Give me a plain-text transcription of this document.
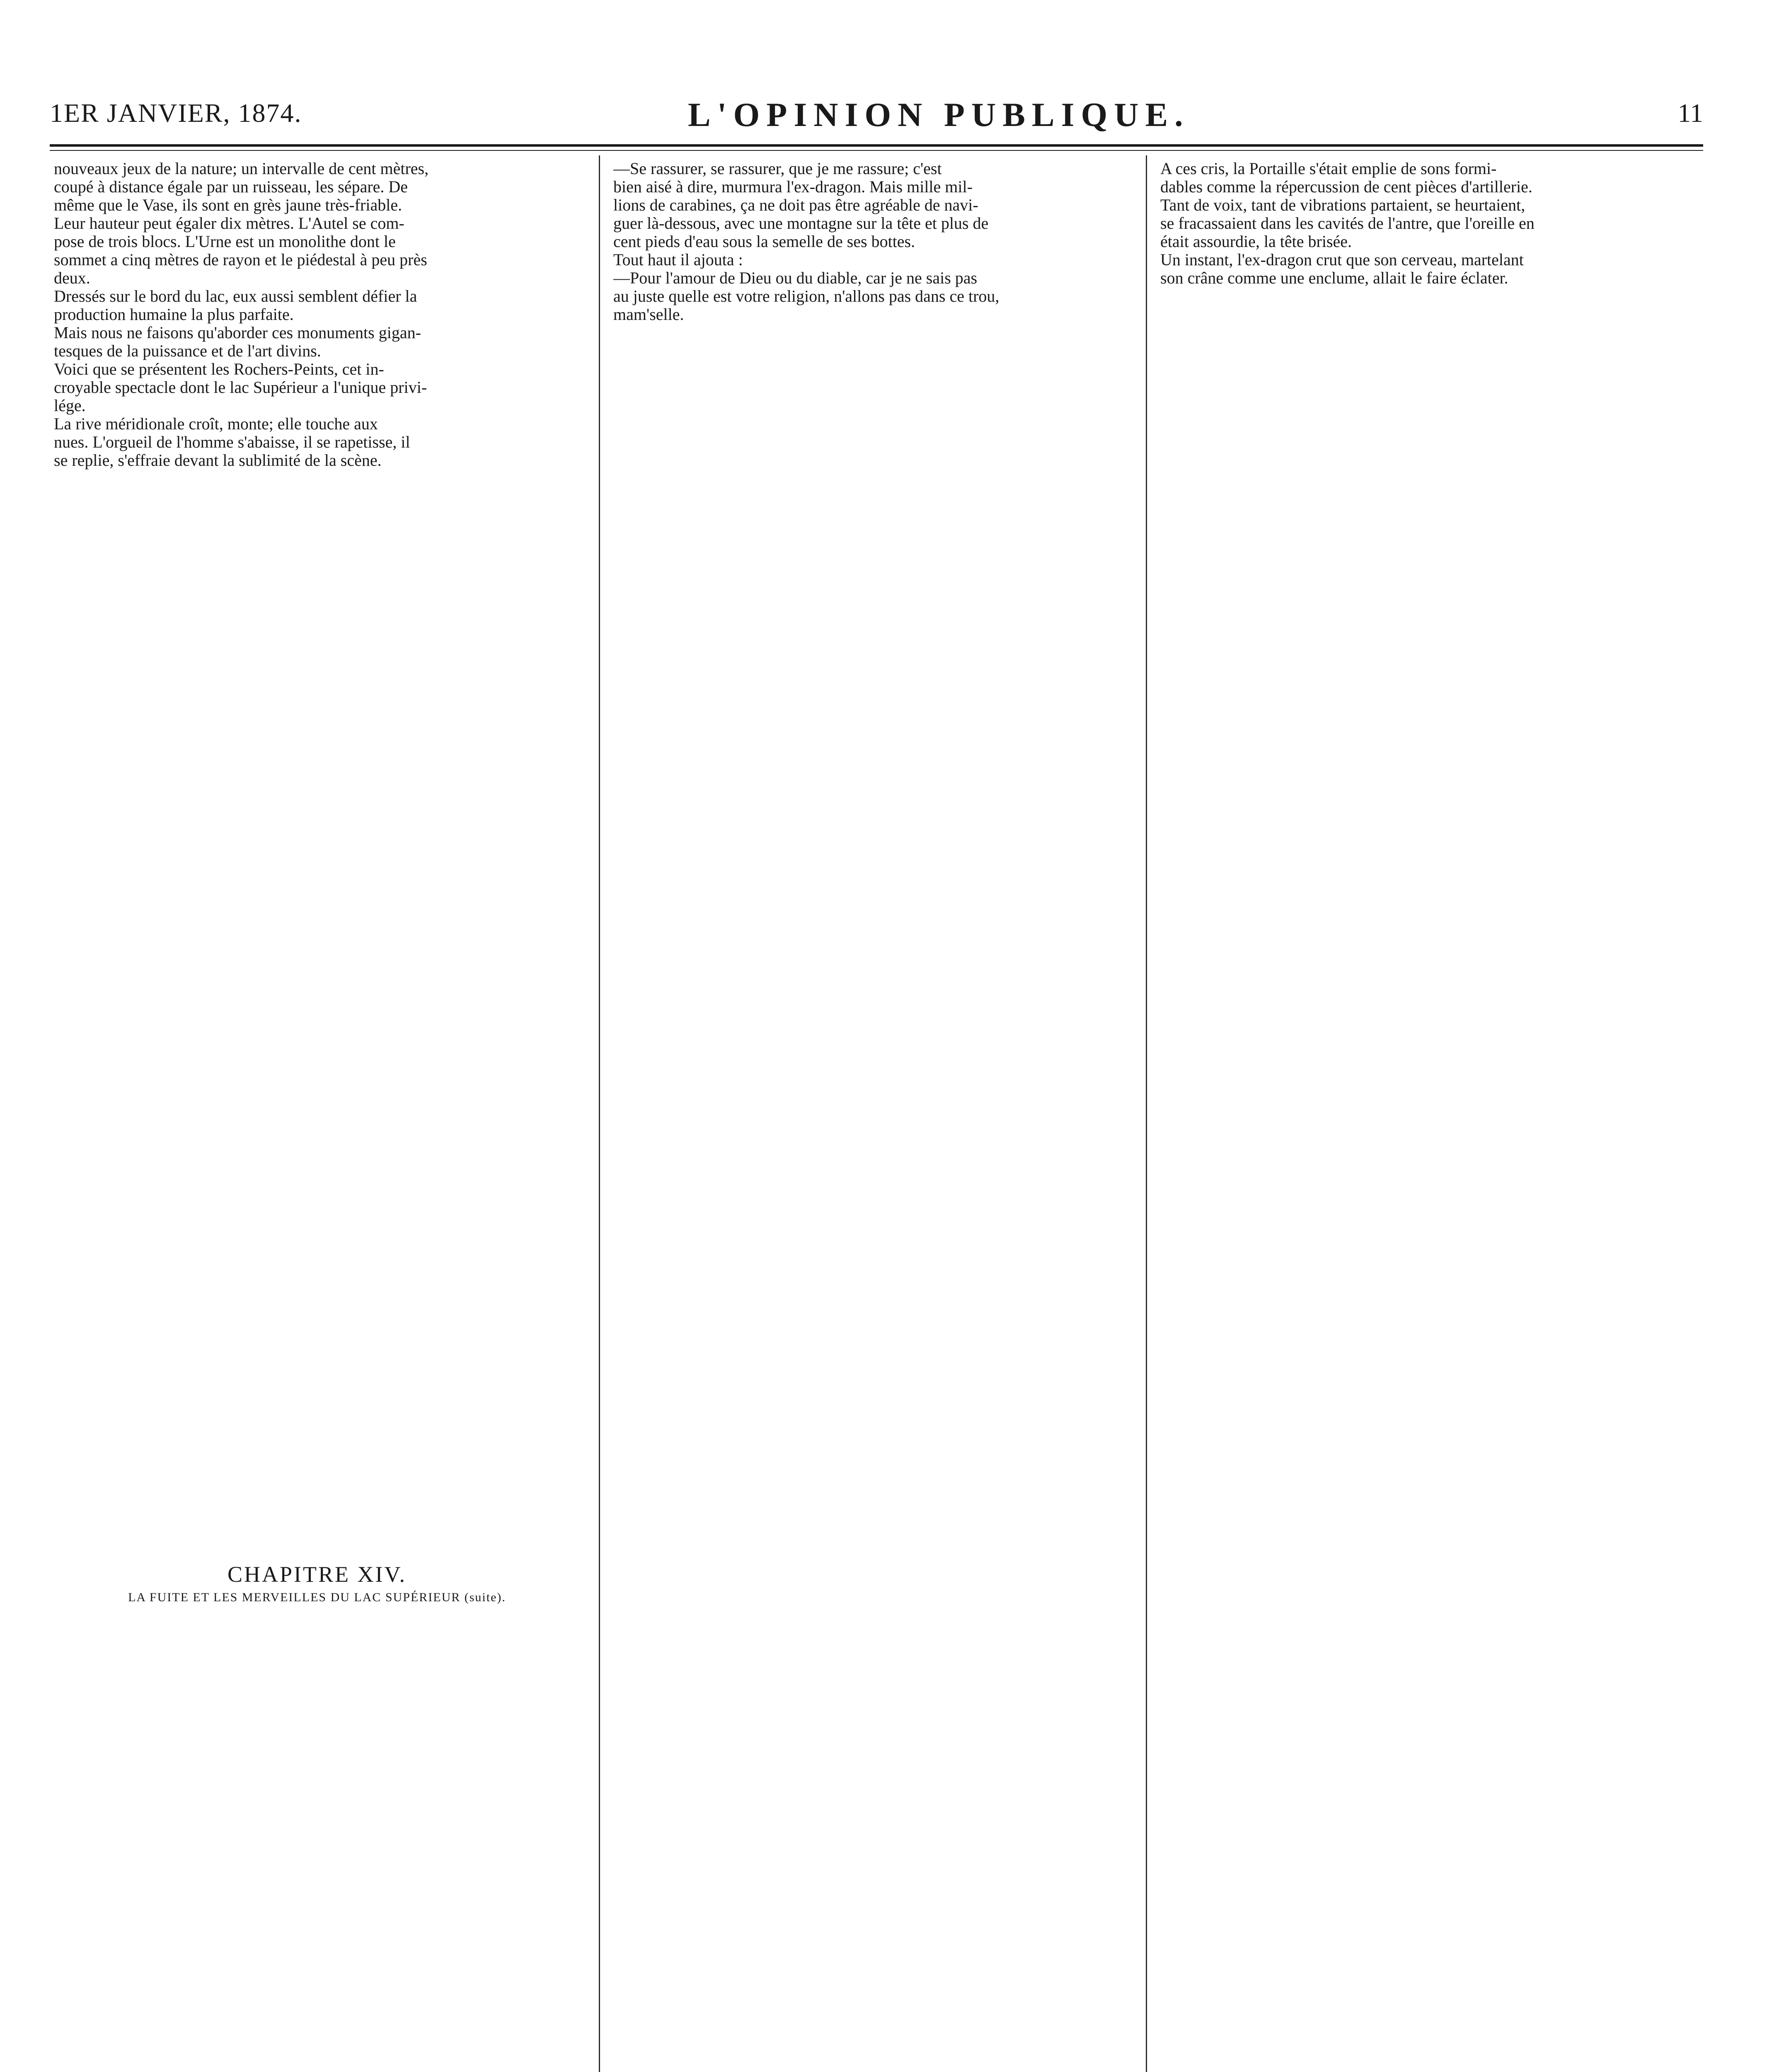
1ER JANVIER, 1874.	L'OPINION PUBLIQUE.	11
nouveaux jeux de la nature; un intervalle de cent mètres,
coupé à distance égale par un ruisseau, les sépare. De
même que le Vase, ils sont en grès jaune très-friable.
Leur hauteur peut égaler dix mètres. L'Autel se com-
pose de trois blocs. L'Urne est un monolithe dont le
sommet a cinq mètres de rayon et le piédestal à peu près
deux.
Dressés sur le bord du lac, eux aussi semblent défier la
production humaine la plus parfaite.
Mais nous ne faisons qu'aborder ces monuments gigan-
tesques de la puissance et de l'art divins.
Voici que se présentent les Rochers-Peints, cet in-
croyable spectacle dont le lac Supérieur a l'unique privi-
lége.
La rive méridionale croît, monte; elle touche aux
nues. L'orgueil de l'homme s'abaisse, il se rapetisse, il
se replie, s'effraie devant la sublimité de la scène.
CHAPITRE XIV.
LA FUITE ET LES MERVEILLES DU LAC SUPÉRIEUR (suite).
—Se rassurer, se rassurer, que je me rassure; c'est
bien aisé à dire, murmura l'ex-dragon. Mais mille mil-
lions de carabines, ça ne doit pas être agréable de navi-
guer là-dessous, avec une montagne sur la tête et plus de
cent pieds d'eau sous la semelle de ses bottes.
Tout haut il ajouta :
—Pour l'amour de Dieu ou du diable, car je ne sais pas
au juste quelle est votre religion, n'allons pas dans ce trou,
mam'selle.
A ces cris, la Portaille s'était emplie de sons formi-
dables comme la répercussion de cent pièces d'artillerie.
Tant de voix, tant de vibrations partaient, se heurtaient,
se fracassaient dans les cavités de l'antre, que l'oreille en
était assourdie, la tête brisée.
Un instant, l'ex-dragon crut que son cerveau, martelant
son crâne comme une enclume, allait le faire éclater.
